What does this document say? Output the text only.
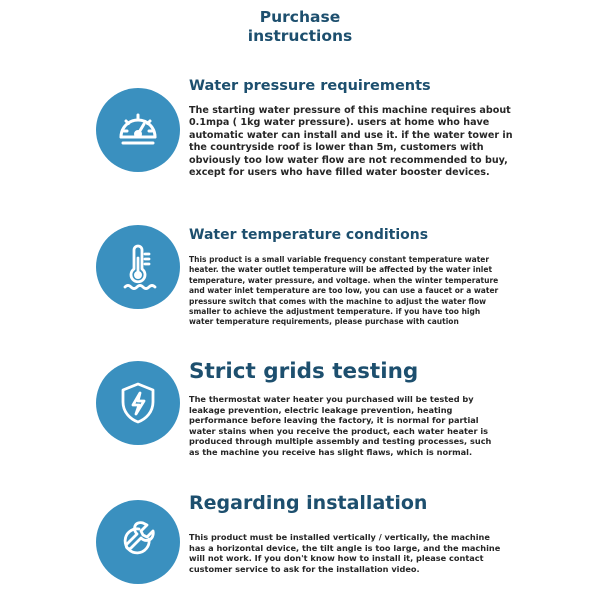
Purchase
instructions
Water pressure requirements
The starting water pressure of this machine requires about
0.1mpa ( 1kg water pressure). users at home who have
automatic water can install and use it. if the water tower in
the countryside roof is lower than 5m, customers with
obviously too low water flow are not recommended to buy,
except for users who have filled water booster devices.
Water temperature conditions
This product is a small variable frequency constant temperature water
heater. the water outlet temperature will be affected by the water inlet
temperature, water pressure, and voltage. when the winter temperature
and water inlet temperature are too low, you can use a faucet or a water
pressure switch that comes with the machine to adjust the water flow
smaller to achieve the adjustment temperature. if you have too high
water temperature requirements, please purchase with caution
Strict grids testing
The thermostat water heater you purchased will be tested by
leakage prevention, electric leakage prevention, heating
performance before leaving the factory, it is normal for partial
water stains when you receive the product, each water heater is
produced through multiple assembly and testing processes, such
as the machine you receive has slight flaws, which is normal.
Regarding installation
This product must be installed vertically / vertically, the machine
has a horizontal device, the tilt angle is too large, and the machine
will not work. If you don't know how to install it, please contact
customer service to ask for the installation video.
